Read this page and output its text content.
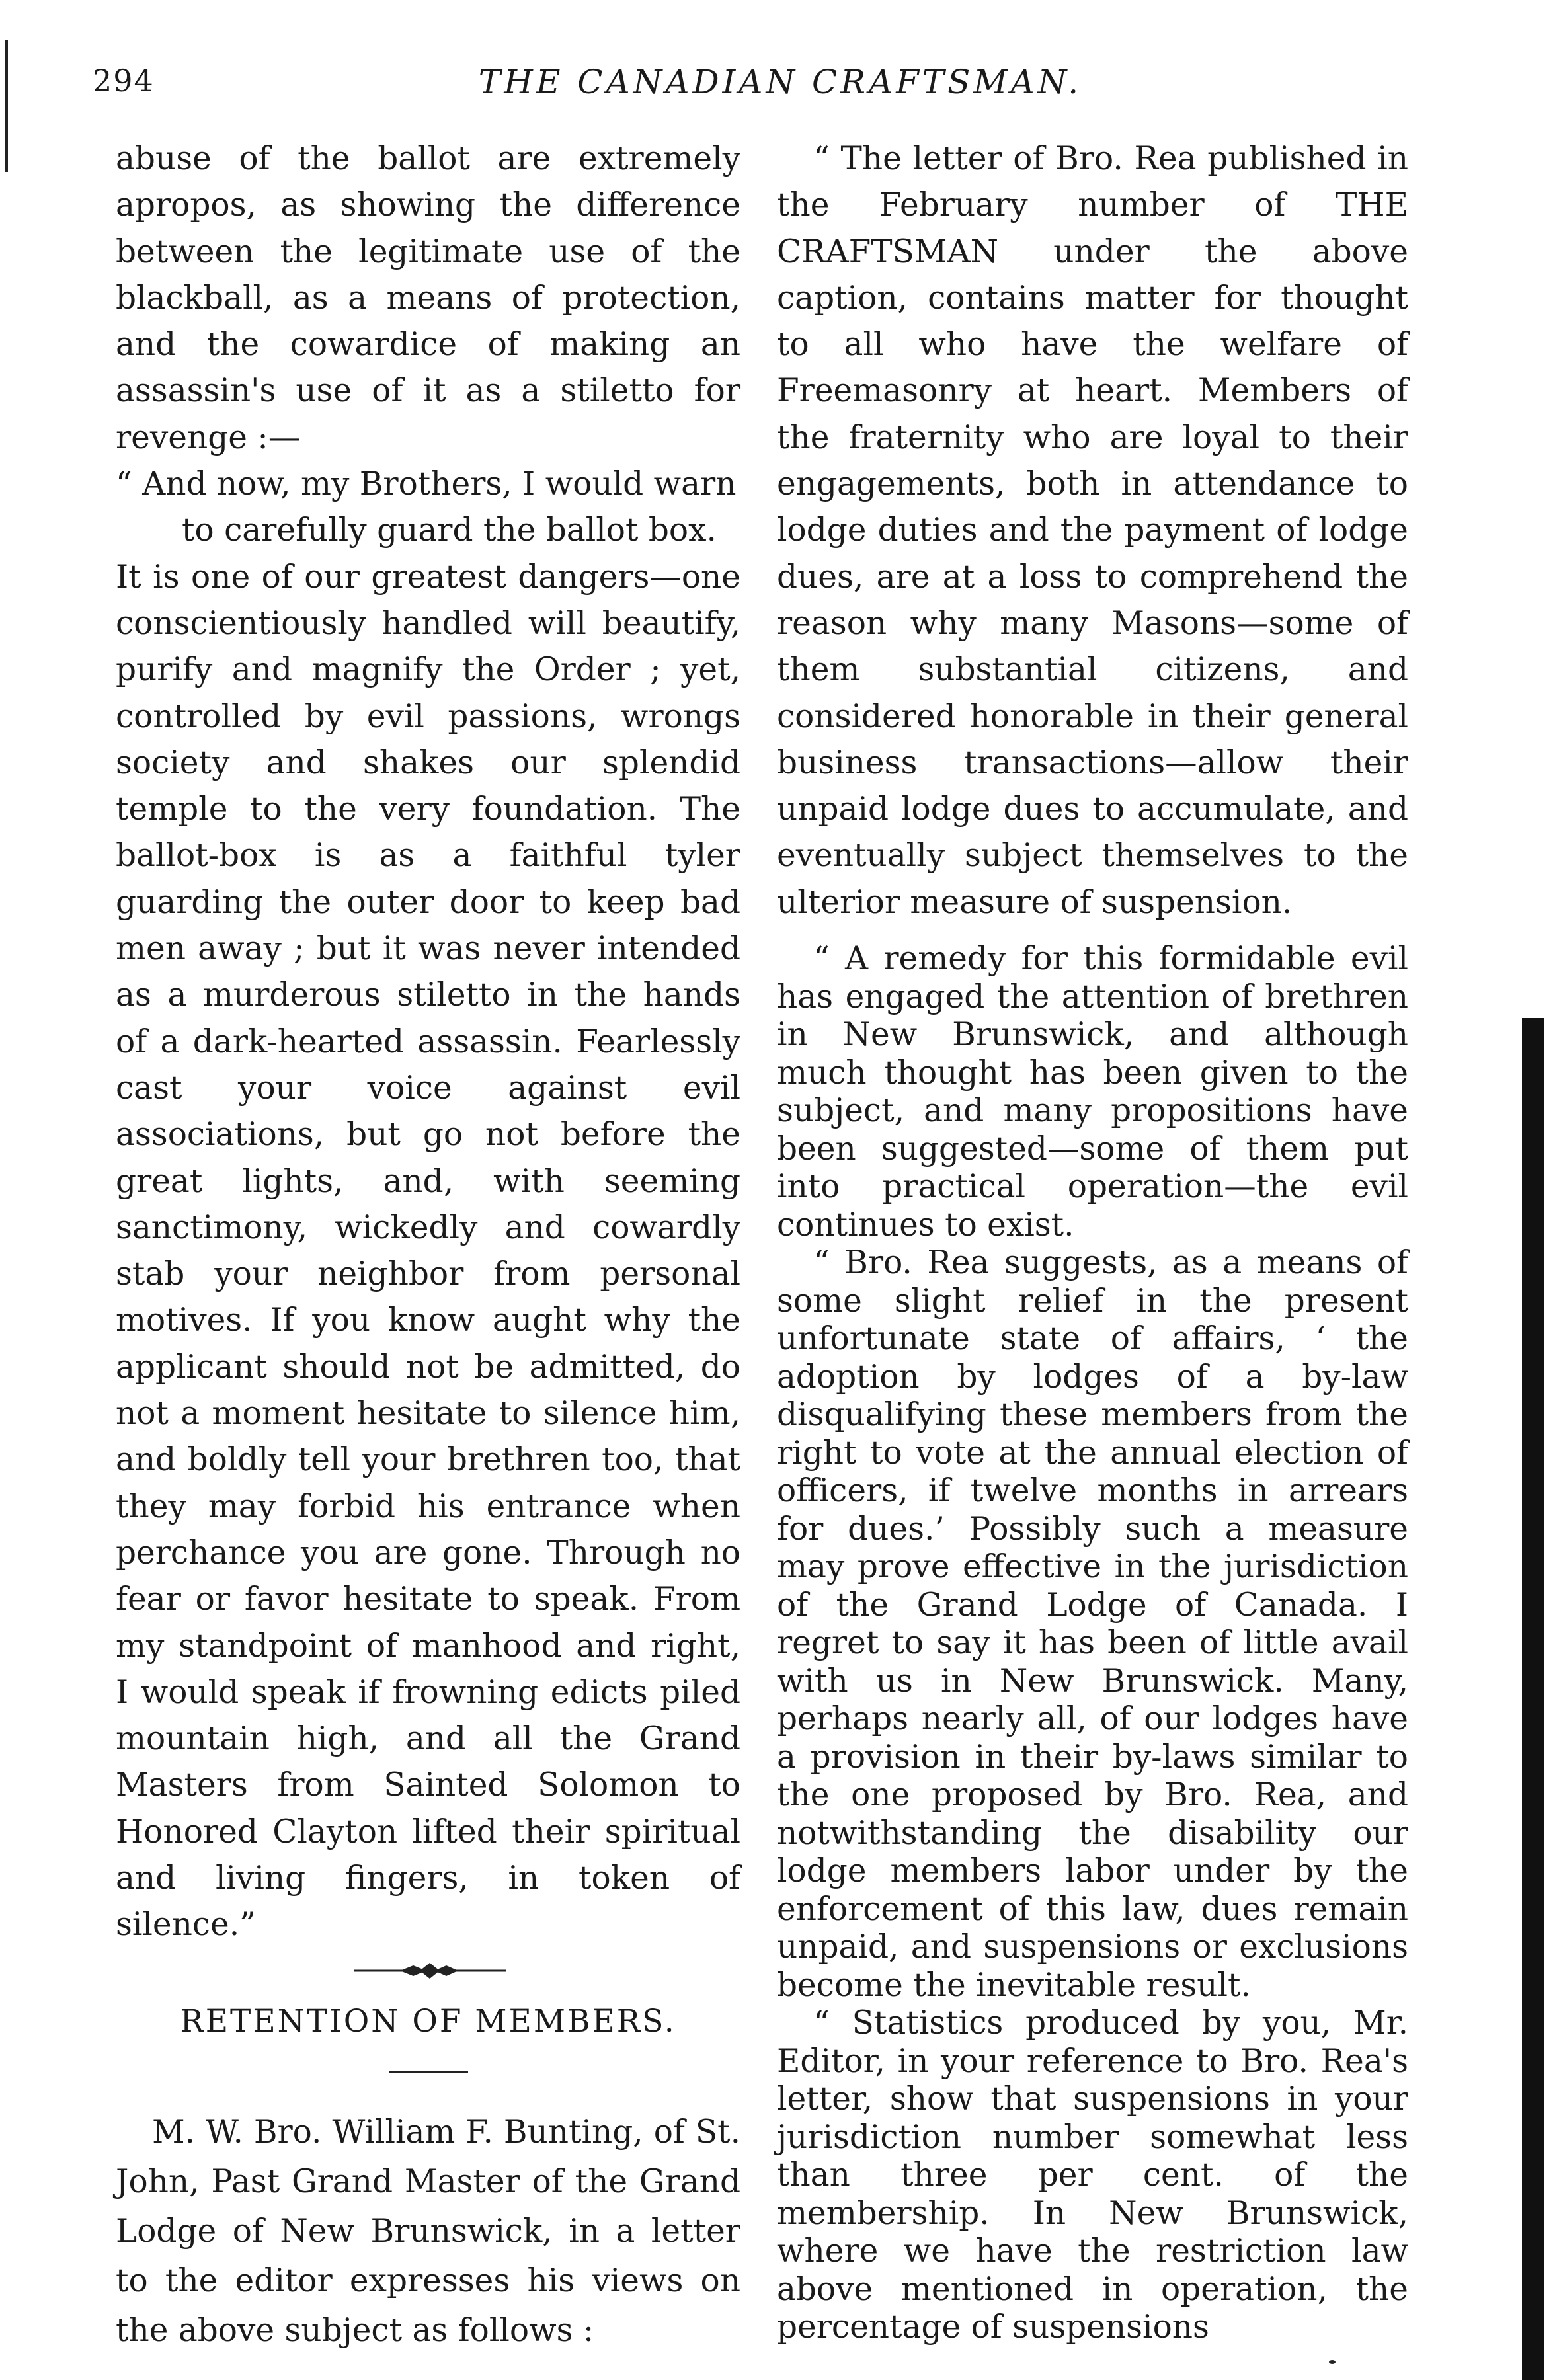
294	THE CANADIAN CRAFTSMAN.

abuse of the ballot are extremely apropos, as showing the difference between the legitimate use of the blackball, as a means of protection, and the cowardice of making an assassin's use of it as a stiletto for revenge :—

“ And now, my Brothers, I would warn

to carefully guard the ballot box.

It is one of our greatest dangers—one conscientiously handled will beautify, purify and magnify the Order ; yet, controlled by evil passions, wrongs society and shakes our splendid temple to the very foundation. The ballot-box is as a faithful tyler guarding the outer door to keep bad men away ; but it was never intended as a murderous stiletto in the hands of a dark-hearted assassin. Fearlessly cast your voice against evil associations, but go not before the great lights, and, with seeming sanctimony, wickedly and cowardly stab your neighbor from personal motives. If you know aught why the applicant should not be admitted, do not a moment hesitate to silence him, and boldly tell your brethren too, that they may forbid his entrance when perchance you are gone. Through no fear or favor hesitate to speak. From my standpoint of manhood and right, I would speak if frowning edicts piled mountain high, and all the Grand Masters from Sainted Solomon to Honored Clayton lifted their spiritual and living fingers, in token of silence.”

RETENTION OF MEMBERS.

M. W. Bro. William F. Bunting, of St. John, Past Grand Master of the Grand Lodge of New Brunswick, in a letter to the editor expresses his views on the above subject as follows :

“ The letter of Bro. Rea published in the February number of THE CRAFTSMAN under the above caption, contains matter for thought to all who have the welfare of Freemasonry at heart. Members of the fraternity who are loyal to their engagements, both in attendance to lodge duties and the payment of lodge dues, are at a loss to comprehend the reason why many Masons—some of them substantial citizens, and considered honorable in their general business transactions—allow their unpaid lodge dues to accumulate, and eventually subject themselves to the ulterior measure of suspension.

“ A remedy for this formidable evil has engaged the attention of brethren in New Brunswick, and although much thought has been given to the subject, and many propositions have been suggested—some of them put into practical operation—the evil continues to exist.

“ Bro. Rea suggests, as a means of some slight relief in the present unfortunate state of affairs, ‘ the adoption by lodges of a by-law disqualifying these members from the right to vote at the annual election of officers, if twelve months in arrears for dues.’ Possibly such a measure may prove effective in the jurisdiction of the Grand Lodge of Canada. I regret to say it has been of little avail with us in New Brunswick. Many, perhaps nearly all, of our lodges have a provision in their by-laws similar to the one proposed by Bro. Rea, and notwithstanding the disability our lodge members labor under by the enforcement of this law, dues remain unpaid, and suspensions or exclusions become the inevitable result.

“ Statistics produced by you, Mr. Editor, in your reference to Bro. Rea's letter, show that suspensions in your jurisdiction number somewhat less than three per cent. of the membership. In New Brunswick, where we have the restriction law above mentioned in operation, the percentage of suspensions
